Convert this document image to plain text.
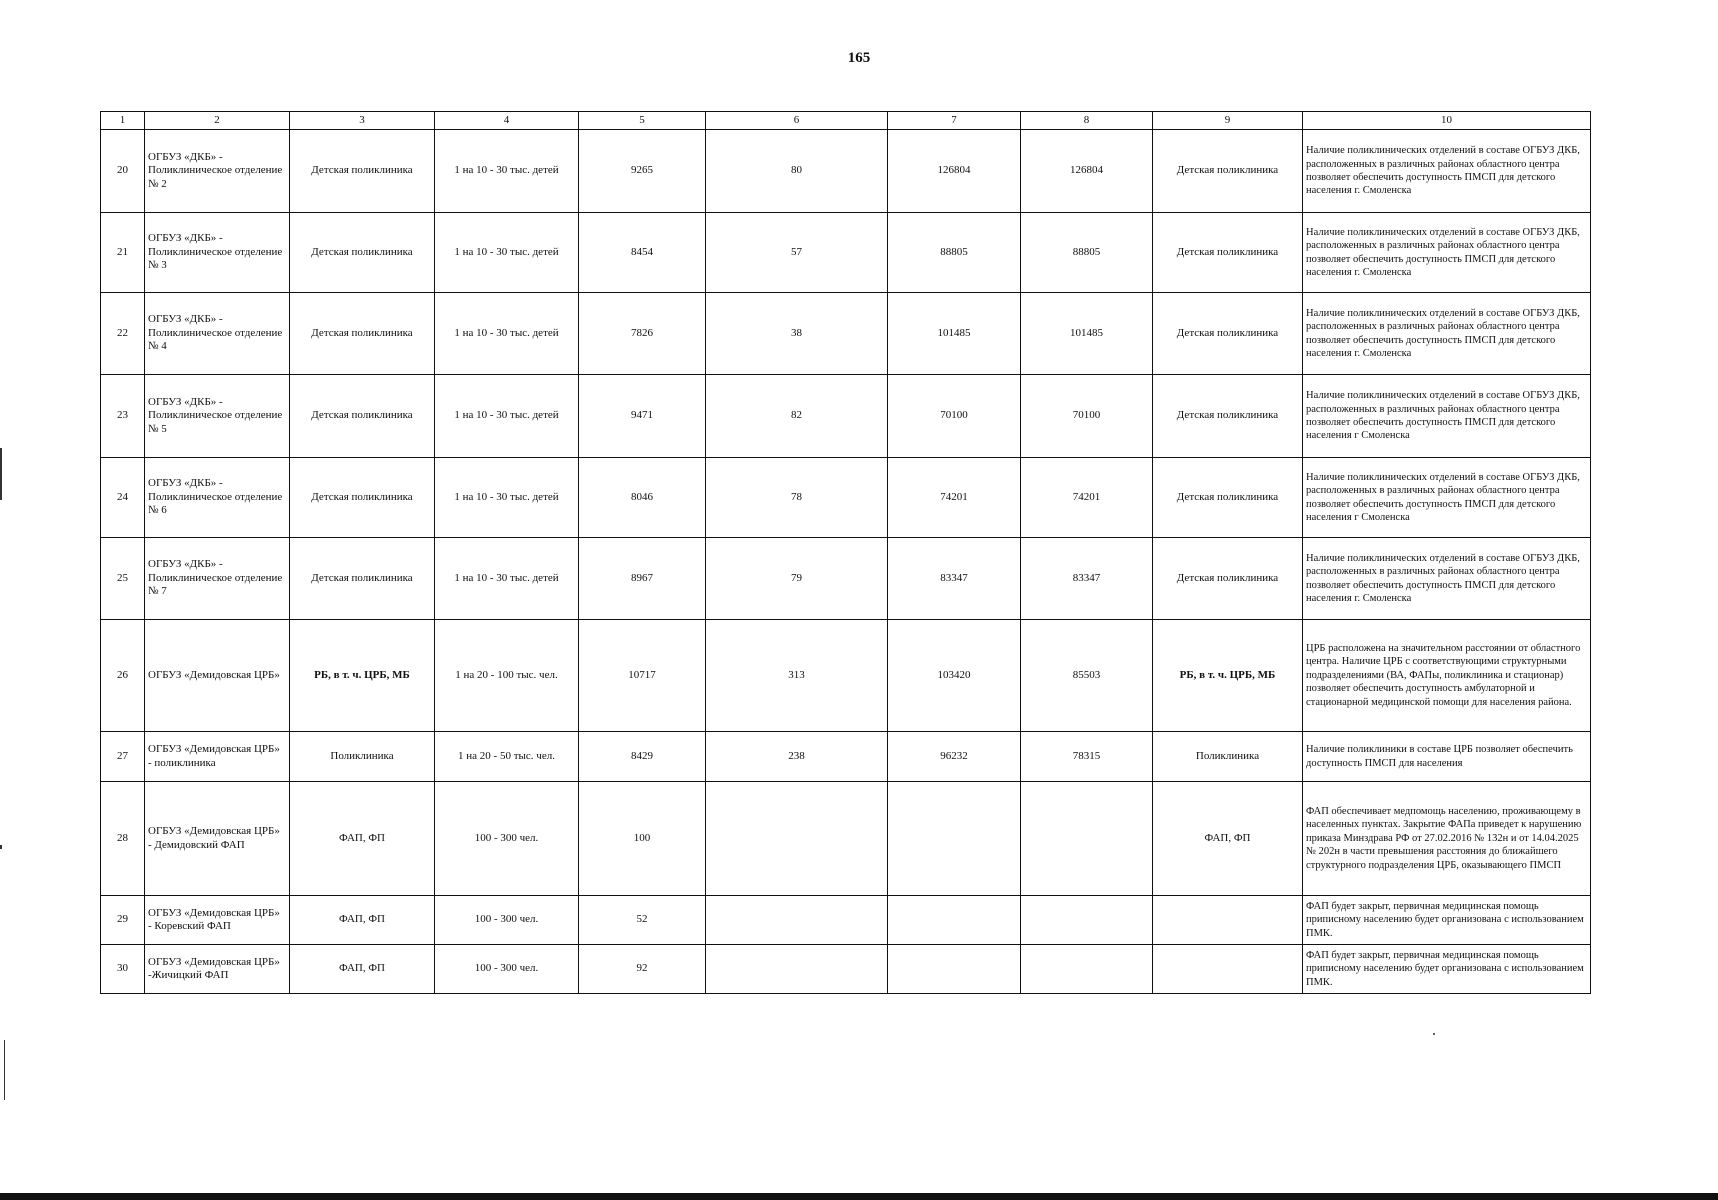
165
1	2	3	4	5	6	7	8	9	10
20	ОГБУЗ «ДКБ» - Поликлиническое отделение № 2	Детская поликлиника	1 на 10 - 30 тыс. детей	9265	80	126804	126804	Детская поликлиника	Наличие поликлинических отделений в составе ОГБУЗ ДКБ, расположенных в различных районах областного центра позволяет обеспечить доступность ПМСП для детского населения г. Смоленска
21	ОГБУЗ «ДКБ» - Поликлиническое отделение № 3	Детская поликлиника	1 на 10 - 30 тыс. детей	8454	57	88805	88805	Детская поликлиника	Наличие поликлинических отделений в составе ОГБУЗ ДКБ, расположенных в различных районах областного центра позволяет обеспечить доступность ПМСП для детского населения г. Смоленска
22	ОГБУЗ «ДКБ» - Поликлиническое отделение № 4	Детская поликлиника	1 на 10 - 30 тыс. детей	7826	38	101485	101485	Детская поликлиника	Наличие поликлинических отделений в составе ОГБУЗ ДКБ, расположенных в различных районах областного центра позволяет обеспечить доступность ПМСП для детского населения г. Смоленска
23	ОГБУЗ «ДКБ» - Поликлиническое отделение № 5	Детская поликлиника	1 на 10 - 30 тыс. детей	9471	82	70100	70100	Детская поликлиника	Наличие поликлинических отделений в составе ОГБУЗ ДКБ, расположенных в различных районах областного центра позволяет обеспечить доступность ПМСП для детского населения г Смоленска
24	ОГБУЗ «ДКБ» - Поликлиническое отделение № 6	Детская поликлиника	1 на 10 - 30 тыс. детей	8046	78	74201	74201	Детская поликлиника	Наличие поликлинических отделений в составе ОГБУЗ ДКБ, расположенных в различных районах областного центра позволяет обеспечить доступность ПМСП для детского населения г Смоленска
25	ОГБУЗ «ДКБ» - Поликлиническое отделение № 7	Детская поликлиника	1 на 10 - 30 тыс. детей	8967	79	83347	83347	Детская поликлиника	Наличие поликлинических отделений в составе ОГБУЗ ДКБ, расположенных в различных районах областного центра позволяет обеспечить доступность ПМСП для детского населения г. Смоленска
26	ОГБУЗ «Демидовская ЦРБ»	РБ, в т. ч. ЦРБ, МБ	1 на 20 - 100 тыс. чел.	10717	313	103420	85503	РБ, в т. ч. ЦРБ, МБ	ЦРБ расположена на значительном расстоянии от областного центра. Наличие ЦРБ с соответствующими структурными подразделениями (ВА, ФАПы, поликлиника и стационар) позволяет обеспечить доступность амбулаторной и стационарной медицинской помощи для населения района.
27	ОГБУЗ «Демидовская ЦРБ» - поликлиника	Поликлиника	1 на 20 - 50 тыс. чел.	8429	238	96232	78315	Поликлиника	Наличие поликлиники в составе ЦРБ позволяет обеспечить доступность ПМСП для населения
28	ОГБУЗ «Демидовская ЦРБ» - Демидовский ФАП	ФАП, ФП	100 - 300 чел.	100				ФАП, ФП	ФАП обеспечивает медпомощь населению, проживающему в населенных пунктах. Закрытие ФАПа приведет к нарушению приказа Минздрава РФ от 27.02.2016 № 132н и от 14.04.2025 № 202н в части превышения расстояния до ближайшего структурного подразделения ЦРБ, оказывающего ПМСП
29	ОГБУЗ «Демидовская ЦРБ» - Коревский ФАП	ФАП, ФП	100 - 300 чел.	52					ФАП будет закрыт, первичная медицинская помощь приписному населению будет организована с использованием ПМК.
30	ОГБУЗ «Демидовская ЦРБ» -Жичицкий ФАП	ФАП, ФП	100 - 300 чел.	92					ФАП будет закрыт, первичная медицинская помощь приписному населению будет организована с использованием ПМК.
